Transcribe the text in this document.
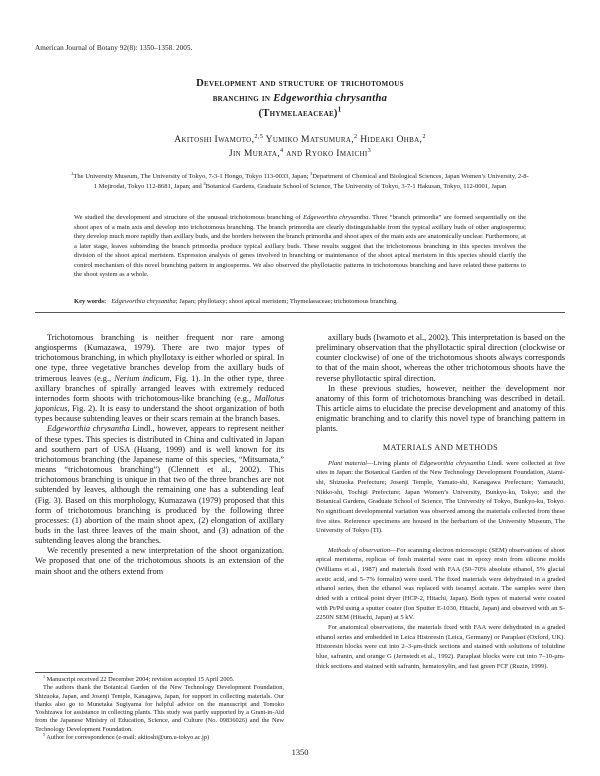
American Journal of Botany 92(8): 1350–1358. 2005.
Development and structure of trichotomous
branching in Edgeworthia chrysantha
(Thymelaeaceae)$^1$
Akitoshi Iwamoto,$^{2,5}$ Yumiko Matsumura,$^2$ Hideaki Ohba,$^2$
Jin Murata,$^4$ and Ryoko Imaichi$^3$
$^2$The University Museum, The University of Tokyo, 7-3-1 Hongo, Tokyo 113-0033, Japan; $^3$Department of Chemical and Biological Sciences, Japan Women’s University, 2-8-1 Mejirodai, Tokyo 112-8681, Japan; and $^4$Botanical Gardens, Graduate School of Science, The University of Tokyo, 3-7-1 Hakusan, Tokyo, 112-0001, Japan
We studied the development and structure of the unusual trichotomous branching of Edgeworthia chrysantha. Three “branch primordia” are formed sequentially on the shoot apex of a main axis and develop into trichotomous branching. The branch primordia are clearly distinguishable from the typical axillary buds of other angiosperms; they develop much more rapidly than axillary buds, and the borders between the branch primordia and shoot apex of the main axis are anatomically unclear. Furthermore, at a later stage, leaves subtending the branch primordia produce typical axillary buds. These results suggest that the trichotomous branching in this species involves the division of the shoot apical meristem. Expression analysis of genes involved in branching or maintenance of the shoot apical meristem in this species should clarify the control mechanism of this novel branching pattern in angiosperms. We also observed the phyllotactic patterns in trichotomous branching and have related these patterns to the shoot system as a whole.
Key words: Edgeworthia chrysantha; Japan; phyllotaxy; shoot apical meristem; Thymelaeaceae; trichotomous branching.

Trichotomous branching is neither frequent nor rare among angiosperms (Kumazawa, 1979). There are two major types of trichotomous branching, in which phyllotaxy is either whorled or spiral. In one type, three vegetative branches develop from the axillary buds of trimerous leaves (e.g., Nerium indicum, Fig. 1). In the other type, three axillary branches of spirally arranged leaves with extremely reduced internodes form shoots with trichotomous-like branching (e.g., Mallotus japonicus, Fig. 2). It is easy to understand the shoot organization of both types because subtending leaves or their scars remain at the branch bases.

Edgeworthia chrysantha Lindl., however, appears to represent neither of these types. This species is distributed in China and cultivated in Japan and southern part of USA (Huang, 1999) and is well known for its trichotomous branching (the Japanese name of this species, “Mitsumata,” means “trichotomous branching”) (Clennett et al., 2002). This trichotomous branching is unique in that two of the three branches are not subtended by leaves, although the remaining one has a subtending leaf (Fig. 3). Based on this morphology, Kumazawa (1979) proposed that this form of trichotomous branching is produced by the following three processes: (1) abortion of the main shoot apex, (2) elongation of axillary buds in the last three leaves of the main shoot, and (3) adnation of the subtending leaves along the branches.

We recently presented a new interpretation of the shoot organization. We proposed that one of the trichotomous shoots is an extension of the main shoot and the others extend from

axillary buds (Iwamoto et al., 2002). This interpretation is based on the preliminary observation that the phyllotactic spiral direction (clockwise or counter clockwise) of one of the trichotomous shoots always corresponds to that of the main shoot, whereas the other trichotomous shoots have the reverse phyllotactic spiral direction.

In these previous studies, however, neither the development nor anatomy of this form of trichotomous branching was described in detail. This article aims to elucidate the precise development and anatomy of this enigmatic branching and to clarify this novel type of branching pattern in plants.

MATERIALS AND METHODS

Plant material—Living plants of Edgeworthia chrysantha Lindl. were collected at five sites in Japan: the Botanical Garden of the New Technology Development Foundation, Atami-shi, Shizuoka Prefecture; Josenji Temple, Yamato-shi, Kanagawa Prefecture; Yamauchi, Nikko-shi, Tochigi Prefecture; Japan Women’s University, Bunkyo-ku, Tokyo; and the Botanical Gardens, Graduate School of Science, The University of Tokyo, Bunkyo-ku, Tokyo. No significant developmental variation was observed among the materials collected from these five sites. Reference specimens are housed in the herbarium of the University Museum, The University of Tokyo (TI).

Methods of observation—For scanning electron microscopic (SEM) observations of shoot apical meristems, replicas of fresh material were cast in epoxy resin from silicone molds (Williams et al., 1987) and materials fixed with FAA (50–70% absolute ethanol, 5% glacial acetic acid, and 5–7% formalin) were used. The fixed materials were dehydrated in a graded ethanol series, then the ethanol was replaced with isoamyl acetate. The samples were then dried with a critical point dryer (HCP-2, Hitachi, Japan). Both types of material were coated with Pt/Pd using a sputter coater (Ion Sputter E-1030, Hitachi, Japan) and observed with an S-2250N SEM (Hitachi, Japan) at 5 kV.

For anatomical observations, the materials fixed with FAA were dehydrated in a graded ethanol series and embedded in Leica Historesin (Leica, Germany) or Paraplast (Oxford, UK). Historesin blocks were cut into 2–3-μm-thick sections and stained with solutions of toluidine blue, safranin, and orange G (Jernstedt et al., 1992). Paraplast blocks were cut into 7–10-μm-thick sections and stained with safranin, hematoxylin, and fast green FCF (Ruzin, 1999).

$^1$ Manuscript received 22 December 2004; revision accepted 15 April 2005.

The authors thank the Botanical Garden of the New Technology Development Foundation, Shizuoka, Japan, and Josenji Temple, Kanagawa, Japan, for support in collecting materials. Our thanks also go to Munetaka Sugiyama for helpful advice on the manuscript and Tomoko Yoshizawa for assistance in collecting plants. This study was partly supported by a Grant-in-Aid from the Japanese Ministry of Education, Science, and Culture (No. 09836026) and the New Technology Development Foundation.

$^5$ Author for correspondence (e-mail: akitoshi@um.u-tokyo.ac.jp)

1350
